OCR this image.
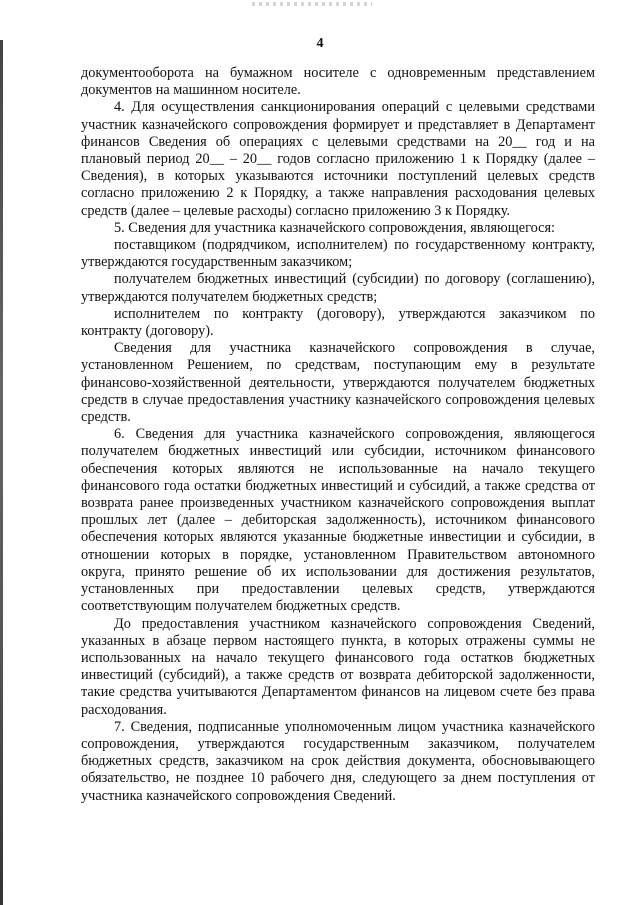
4

документооборота на бумажном носителе с одновременным представлением документов на машинном носителе.

4. Для осуществления санкционирования операций с целевыми средствами участник казначейского сопровождения формирует и представляет в Департамент финансов Сведения об операциях с целевыми средствами на 20__ год и на плановый период 20__ – 20__ годов согласно приложению 1 к Порядку (далее – Сведения), в которых указываются источники поступлений целевых средств согласно приложению 2 к Порядку, а также направления расходования целевых средств (далее – целевые расходы) согласно приложению 3 к Порядку.

5. Сведения для участника казначейского сопровождения, являющегося:

поставщиком (подрядчиком, исполнителем) по государственному контракту, утверждаются государственным заказчиком;

получателем бюджетных инвестиций (субсидии) по договору (соглашению), утверждаются получателем бюджетных средств;

исполнителем по контракту (договору), утверждаются заказчиком по контракту (договору).

Сведения для участника казначейского сопровождения в случае, установленном Решением, по средствам, поступающим ему в результате финансово-хозяйственной деятельности, утверждаются получателем бюджетных средств в случае предоставления участнику казначейского сопровождения целевых средств.

6. Сведения для участника казначейского сопровождения, являющегося получателем бюджетных инвестиций или субсидии, источником финансового обеспечения которых являются не использованные на начало текущего финансового года остатки бюджетных инвестиций и субсидий, а также средства от возврата ранее произведенных участником казначейского сопровождения выплат прошлых лет (далее – дебиторская задолженность), источником финансового обеспечения которых являются указанные бюджетные инвестиции и субсидии, в отношении которых в порядке, установленном Правительством автономного округа, принято решение об их использовании для достижения результатов, установленных при предоставлении целевых средств, утверждаются соответствующим получателем бюджетных средств.

До предоставления участником казначейского сопровождения Сведений, указанных в абзаце первом настоящего пункта, в которых отражены суммы не использованных на начало текущего финансового года остатков бюджетных инвестиций (субсидий), а также средств от возврата дебиторской задолженности, такие средства учитываются Департаментом финансов на лицевом счете без права расходования.

7. Сведения, подписанные уполномоченным лицом участника казначейского сопровождения, утверждаются государственным заказчиком, получателем бюджетных средств, заказчиком на срок действия документа, обосновывающего обязательство, не позднее 10 рабочего дня, следующего за днем поступления от участника казначейского сопровождения Сведений.
